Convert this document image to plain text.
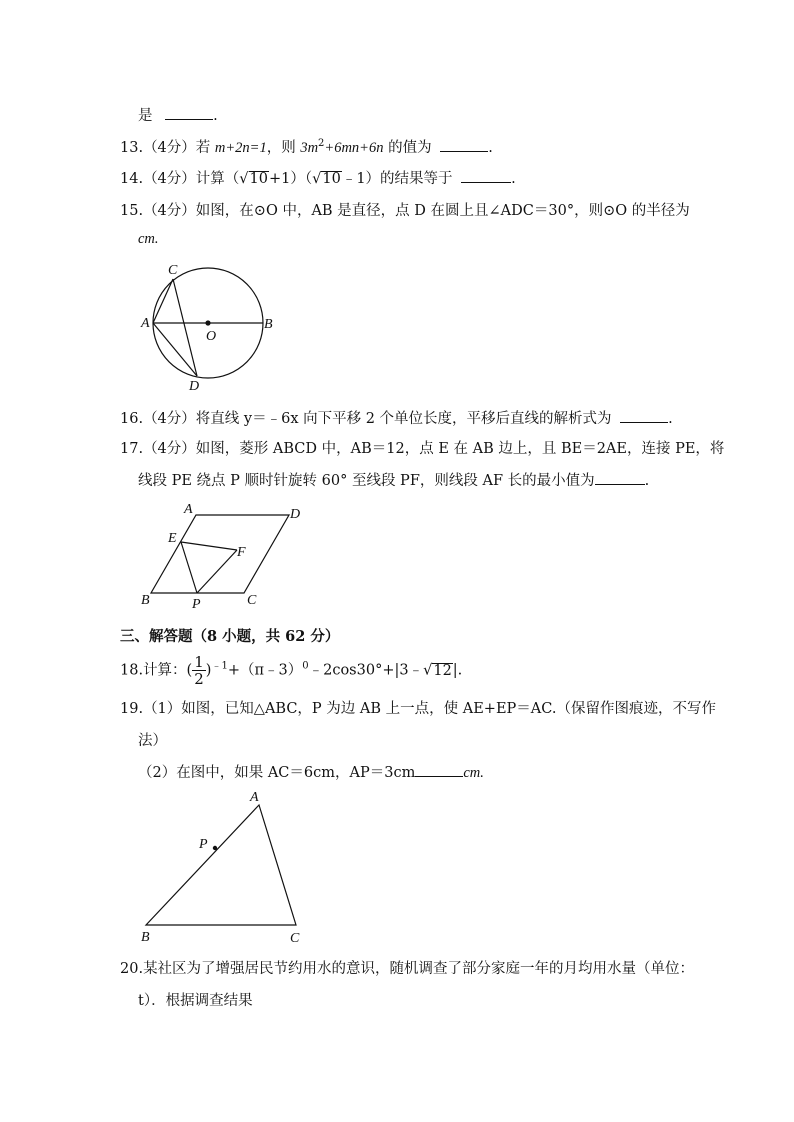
是	.
13.（4分）若 m+2n=1，则 $3m^2+6mn+6n$ 的值为	.
14.（4分）计算（√10+1）（√10﹣1）的结果等于	.
15.（4分）如图，在⊙O 中，AB 是直径，点 D 在圆上且∠ADC＝30°，则⊙O 的半径为
cm.
C
A
O
B
D
16.（4分）将直线 y＝﹣6x 向下平移 2 个单位长度，平移后直线的解析式为	.
17.（4分）如图，菱形 ABCD 中，AB＝12，点 E 在 AB 边上，且 BE＝2AE，连接 PE，将
线段 PE 绕点 P 顺时针旋转 60° 至线段 PF，则线段 AF 长的最小值为	.
A	D
E
F
B	P	C
三、解答题（8 小题，共 62 分）
18.计算：( $\frac{1}{2}$ )$^{﹣1}$+（π﹣3）$^0$﹣2cos30°+|3﹣√12|.
19.（1）如图，已知△ABC，P 为边 AB 上一点，使 AE+EP＝AC.（保留作图痕迹，不写作
法）
（2）在图中，如果 AC＝6cm，AP＝3cm	cm.
A
P
B	C
20.某社区为了增强居民节约用水的意识，随机调查了部分家庭一年的月均用水量（单位：
t）．根据调查结果
